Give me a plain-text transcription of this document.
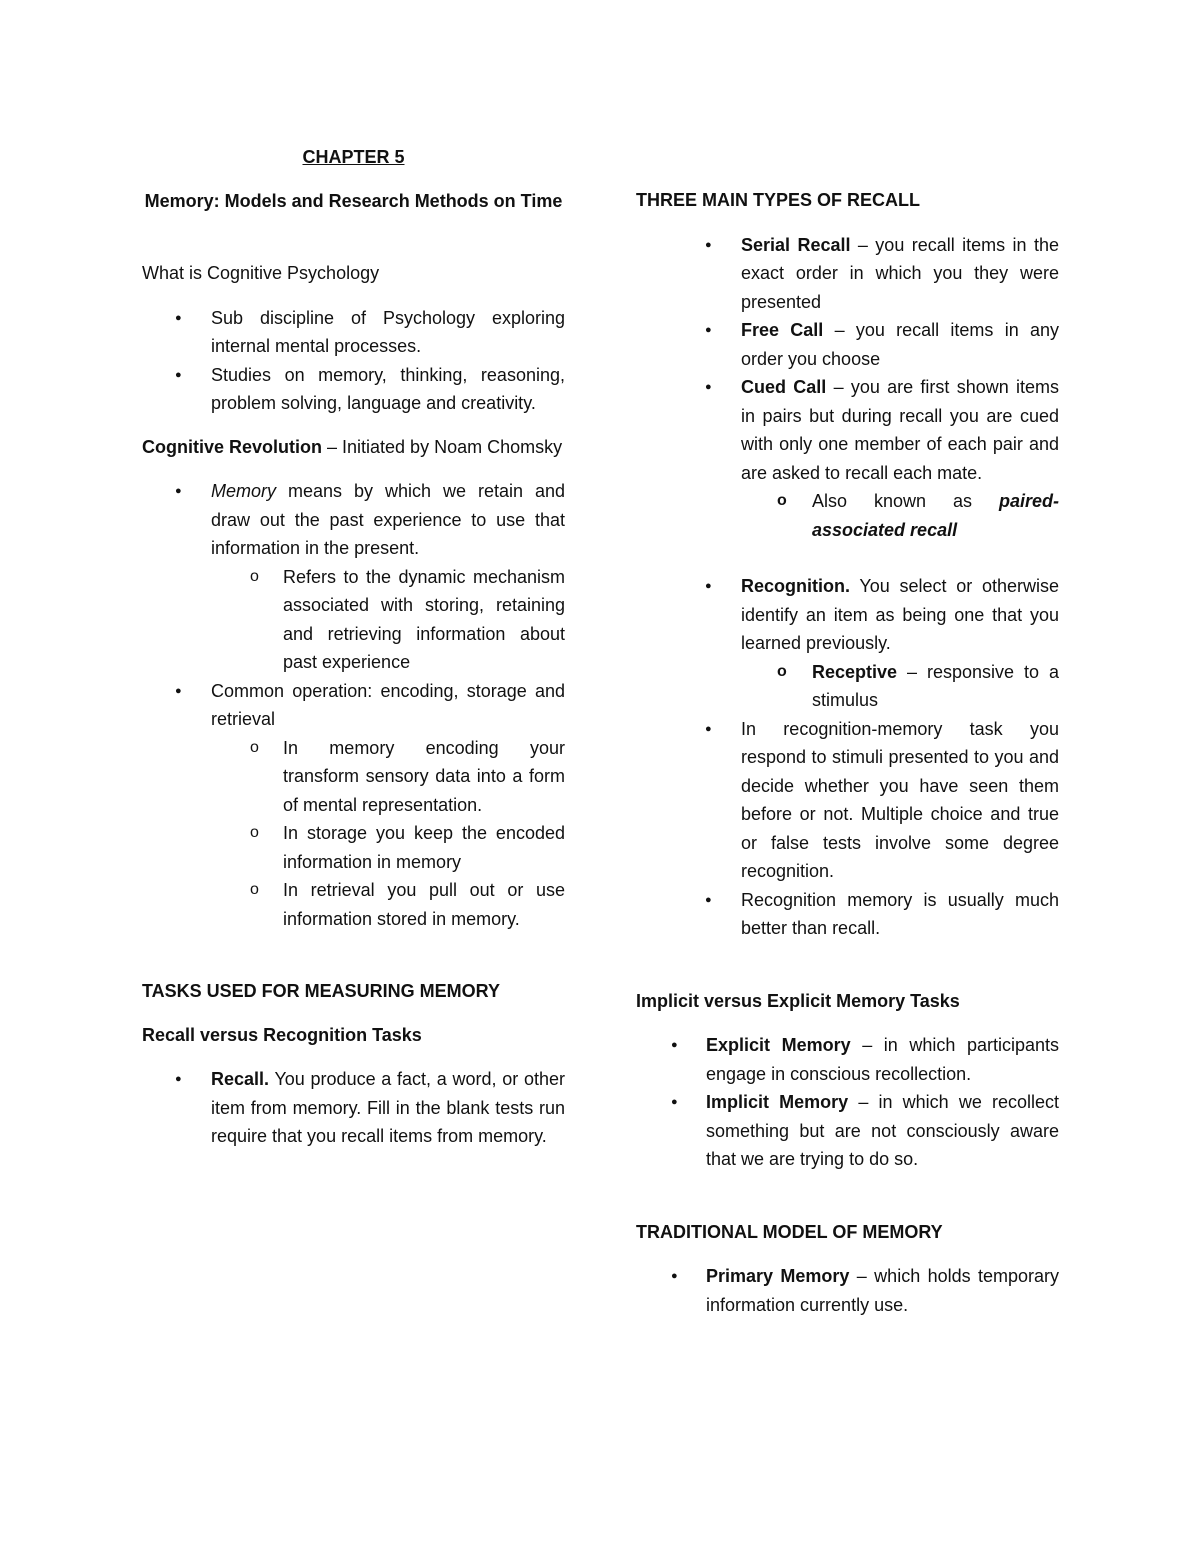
CHAPTER 5

Memory: Models and Research Methods on Time

What is Cognitive Psychology

● Sub discipline of Psychology exploring internal mental processes.
● Studies on memory, thinking, reasoning, problem solving, language and creativity.

Cognitive Revolution – Initiated by Noam Chomsky

● Memory means by which we retain and draw out the past experience to use that information in the present.
o Refers to the dynamic mechanism associated with storing, retaining and retrieving information about past experience
● Common operation: encoding, storage and retrieval
o In memory encoding your transform sensory data into a form of mental representation.
o In storage you keep the encoded information in memory
o In retrieval you pull out or use information stored in memory.

TASKS USED FOR MEASURING MEMORY

Recall versus Recognition Tasks

● Recall. You produce a fact, a word, or other item from memory. Fill in the blank tests run require that you recall items from memory.

THREE MAIN TYPES OF RECALL

● Serial Recall – you recall items in the exact order in which you they were presented
● Free Call – you recall items in any order you choose
● Cued Call – you are first shown items in pairs but during recall you are cued with only one member of each pair and are asked to recall each mate.
o Also known as paired-associated recall
● Recognition. You select or otherwise identify an item as being one that you learned previously.
o Receptive – responsive to a stimulus
● In recognition-memory task you respond to stimuli presented to you and decide whether you have seen them before or not. Multiple choice and true or false tests involve some degree recognition.
● Recognition memory is usually much better than recall.

Implicit versus Explicit Memory Tasks

● Explicit Memory – in which participants engage in conscious recollection.
● Implicit Memory – in which we recollect something but are not consciously aware that we are trying to do so.

TRADITIONAL MODEL OF MEMORY

● Primary Memory – which holds temporary information currently use.
